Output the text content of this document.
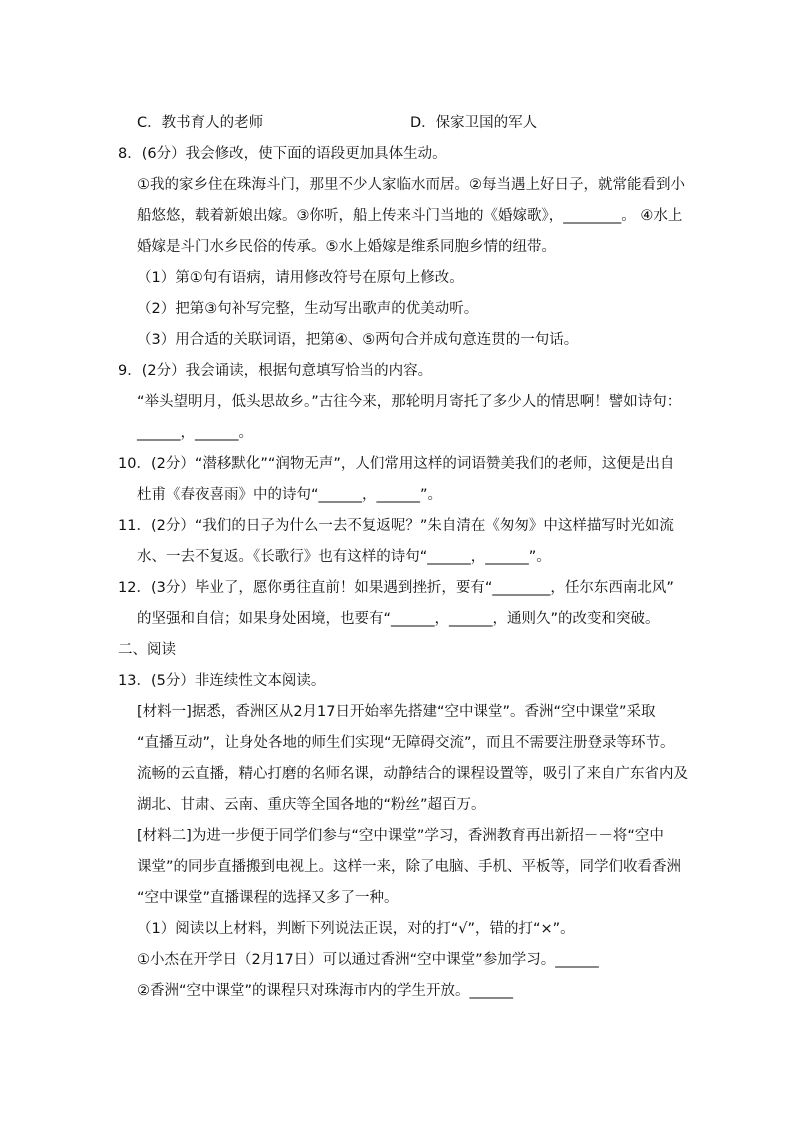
C．教书育人的老师	D．保家卫国的军人
8．(6分）我会修改，使下面的语段更加具体生动。
①我的家乡住在珠海斗门，那里不少人家临水而居。②每当遇上好日子，就常能看到小
船悠悠，载着新娘出嫁。③你听，船上传来斗门当地的《婚嫁歌》，________。 ④水上
婚嫁是斗门水乡民俗的传承。⑤水上婚嫁是维系同胞乡情的纽带。
（1）第①句有语病，请用修改符号在原句上修改。
（2）把第③句补写完整，生动写出歌声的优美动听。
（3）用合适的关联词语，把第④、⑤两句合并成句意连贯的一句话。
9．(2分）我会诵读，根据句意填写恰当的内容。
“举头望明月，低头思故乡。”古往今来，那轮明月寄托了多少人的情思啊！譬如诗句：
______，______。
10．(2分）“潜移默化”“润物无声”，人们常用这样的词语赞美我们的老师，这便是出自
杜甫《春夜喜雨》中的诗句“______，______”。
11．(2分）“我们的日子为什么一去不复返呢？”朱自清在《匆匆》中这样描写时光如流
水、一去不复返。《长歌行》也有这样的诗句“______，______”。
12．(3分）毕业了，愿你勇往直前！如果遇到挫折，要有“________，任尔东西南北风”
的坚强和自信；如果身处困境，也要有“______，______，通则久”的改变和突破。
二、阅读
13．(5分）非连续性文本阅读。
[材料一]据悉，香洲区从2月17日开始率先搭建“空中课堂”。香洲“空中课堂”采取
“直播互动”，让身处各地的师生们实现“无障碍交流”，而且不需要注册登录等环节。
流畅的云直播，精心打磨的名师名课，动静结合的课程设置等，吸引了来自广东省内及
湖北、甘肃、云南、重庆等全国各地的“粉丝”超百万。
[材料二]为进一步便于同学们参与“空中课堂”学习，香洲教育再出新招－－将“空中
课堂”的同步直播搬到电视上。这样一来，除了电脑、手机、平板等，同学们收看香洲
“空中课堂”直播课程的选择又多了一种。
（1）阅读以上材料，判断下列说法正误，对的打“√”，错的打“×”。
①小杰在开学日（2月17日）可以通过香洲“空中课堂”参加学习。______
②香洲“空中课堂”的课程只对珠海市内的学生开放。______
